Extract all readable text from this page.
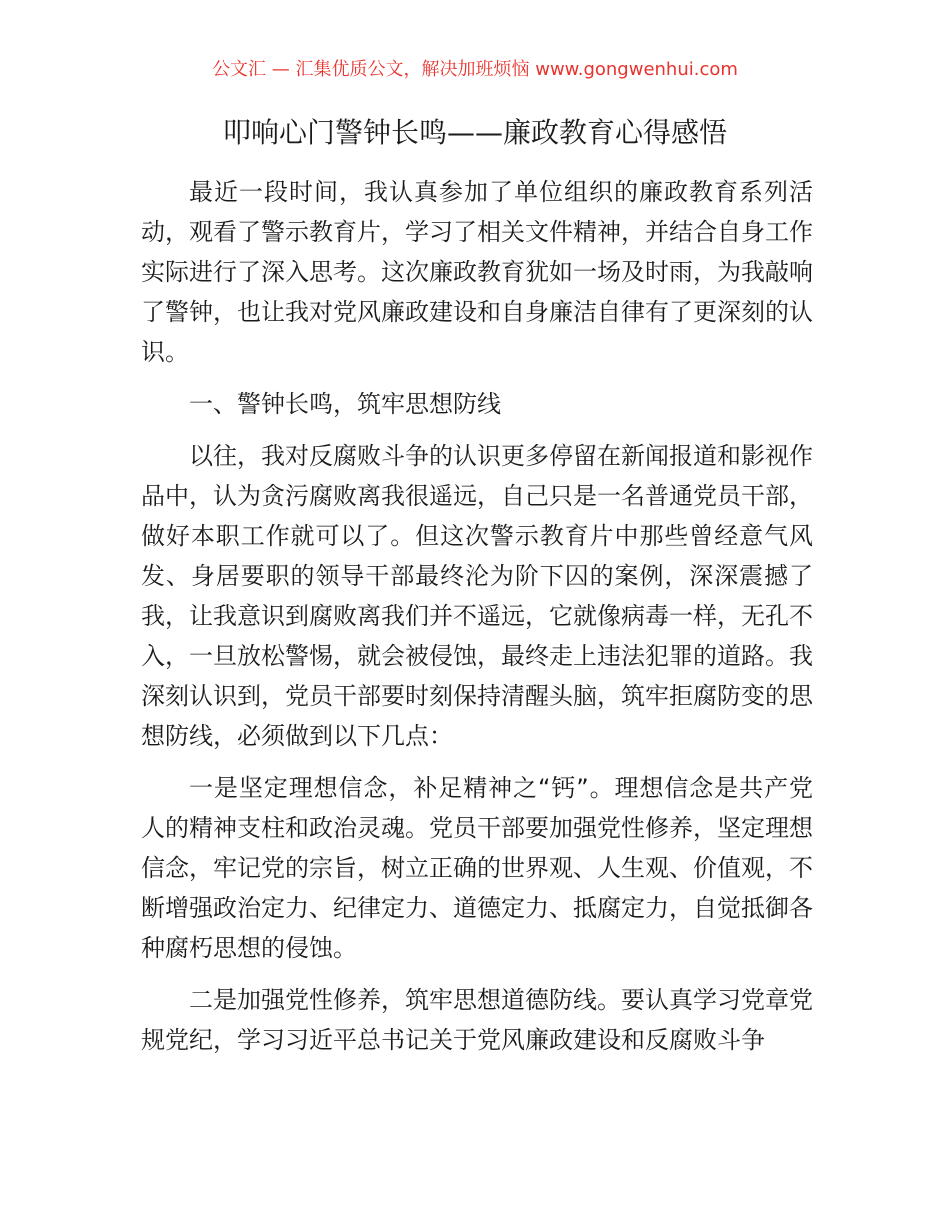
公文汇 — 汇集优质公文，解决加班烦恼 www.gongwenhui.com
叩响心门警钟长鸣——廉政教育心得感悟

最近一段时间，我认真参加了单位组织的廉政教育系列活动，观看了警示教育片，学习了相关文件精神，并结合自身工作实际进行了深入思考。这次廉政教育犹如一场及时雨，为我敲响了警钟，也让我对党风廉政建设和自身廉洁自律有了更深刻的认识。

一、警钟长鸣，筑牢思想防线

以往，我对反腐败斗争的认识更多停留在新闻报道和影视作品中，认为贪污腐败离我很遥远，自己只是一名普通党员干部，做好本职工作就可以了。但这次警示教育片中那些曾经意气风发、身居要职的领导干部最终沦为阶下囚的案例，深深震撼了我，让我意识到腐败离我们并不遥远，它就像病毒一样，无孔不入，一旦放松警惕，就会被侵蚀，最终走上违法犯罪的道路。我深刻认识到，党员干部要时刻保持清醒头脑，筑牢拒腐防变的思想防线，必须做到以下几点：

一是坚定理想信念，补足精神之“钙”。理想信念是共产党人的精神支柱和政治灵魂。党员干部要加强党性修养，坚定理想信念，牢记党的宗旨，树立正确的世界观、人生观、价值观，不断增强政治定力、纪律定力、道德定力、抵腐定力，自觉抵御各种腐朽思想的侵蚀。

二是加强党性修养，筑牢思想道德防线。要认真学习党章党规党纪，学习习近平总书记关于党风廉政建设和反腐败斗争
